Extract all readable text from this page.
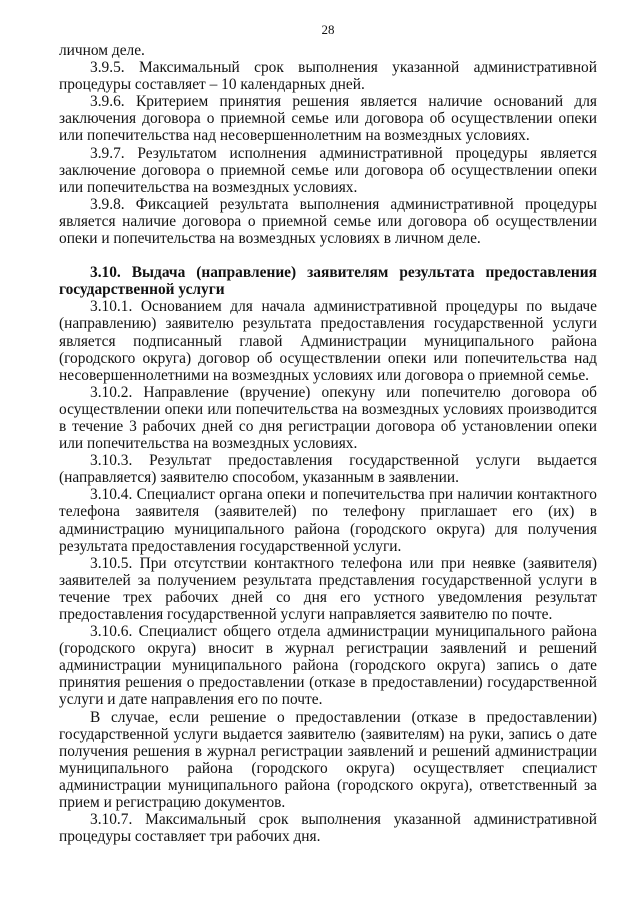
28

личном деле.

3.9.5. Максимальный срок выполнения указанной административной процедуры составляет – 10 календарных дней.

3.9.6. Критерием принятия решения является наличие оснований для заключения договора о приемной семье или договора об осуществлении опеки или попечительства над несовершеннолетним на возмездных условиях.

3.9.7. Результатом исполнения административной процедуры является заключение договора о приемной семье или договора об осуществлении опеки или попечительства на возмездных условиях.

3.9.8. Фиксацией результата выполнения административной процедуры является наличие договора о приемной семье или договора об осуществлении опеки и попечительства на возмездных условиях в личном деле.

3.10. Выдача (направление) заявителям результата предоставления государственной услуги

3.10.1. Основанием для начала административной процедуры по выдаче (направлению) заявителю результата предоставления государственной услуги является подписанный главой Администрации муниципального района (городского округа) договор об осуществлении опеки или попечительства над несовершеннолетними на возмездных условиях или договора о приемной семье.

3.10.2. Направление (вручение) опекуну или попечителю договора об осуществлении опеки или попечительства на возмездных условиях производится в течение 3 рабочих дней со дня регистрации договора об установлении опеки или попечительства на возмездных условиях.

3.10.3. Результат предоставления государственной услуги выдается (направляется) заявителю способом, указанным в заявлении.

3.10.4. Специалист органа опеки и попечительства при наличии контактного телефона заявителя (заявителей) по телефону приглашает его (их) в администрацию муниципального района (городского округа) для получения результата предоставления государственной услуги.

3.10.5. При отсутствии контактного телефона или при неявке (заявителя) заявителей за получением результата представления государственной услуги в течение трех рабочих дней со дня его устного уведомления результат предоставления государственной услуги направляется заявителю по почте.

3.10.6. Специалист общего отдела администрации муниципального района (городского округа) вносит в журнал регистрации заявлений и решений администрации муниципального района (городского округа) запись о дате принятия решения о предоставлении (отказе в предоставлении) государственной услуги и дате направления его по почте.

В случае, если решение о предоставлении (отказе в предоставлении) государственной услуги выдается заявителю (заявителям) на руки, запись о дате получения решения в журнал регистрации заявлений и решений администрации муниципального района (городского округа) осуществляет специалист администрации муниципального района (городского округа), ответственный за прием и регистрацию документов.

3.10.7. Максимальный срок выполнения указанной административной процедуры составляет три рабочих дня.
